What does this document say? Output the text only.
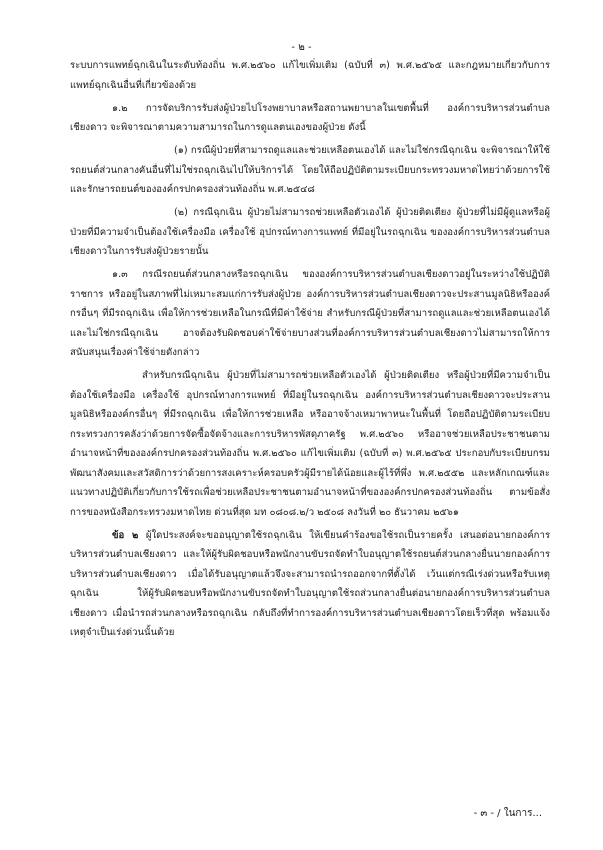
- ๒ -

ระบบการแพทย์ฉุกเฉินในระดับท้องถิ่น พ.ศ.๒๕๖๐ แก้ไขเพิ่มเติม (ฉบับที่ ๓) พ.ศ.๒๕๖๕ และกฎหมายเกี่ยวกับการแพทย์ฉุกเฉินอื่นที่เกี่ยวข้องด้วย

๑.๒ การจัดบริการรับส่งผู้ป่วยไปโรงพยาบาลหรือสถานพยาบาลในเขตพื้นที่ องค์การบริหารส่วนตำบลเชียงดาว จะพิจารณาตามความสามารถในการดูแลตนเองของผู้ป่วย ดังนี้

(๑) กรณีผู้ป่วยที่สามารถดูแลและช่วยเหลือตนเองได้ และไม่ใช่กรณีฉุกเฉิน จะพิจารณาให้ใช้รถยนต์ส่วนกลางคันอื่นที่ไม่ใช่รถฉุกเฉินไปให้บริการได้ โดยให้ถือปฏิบัติตามระเบียบกระทรวงมหาดไทยว่าด้วยการใช้และรักษารถยนต์ขององค์กรปกครองส่วนท้องถิ่น พ.ศ.๒๕๔๘

(๒) กรณีฉุกเฉิน ผู้ป่วยไม่สามารถช่วยเหลือตัวเองได้ ผู้ป่วยติดเตียง ผู้ป่วยที่ไม่มีผู้ดูแลหรือผู้ป่วยที่มีความจำเป็นต้องใช้เครื่องมือ เครื่องใช้ อุปกรณ์ทางการแพทย์ ที่มีอยู่ในรถฉุกเฉิน ขององค์การบริหารส่วนตำบลเชียงดาวในการรับส่งผู้ป่วยรายนั้น

๑.๓ กรณีรถยนต์ส่วนกลางหรือรถฉุกเฉิน ขององค์การบริหารส่วนตำบลเชียงดาวอยู่ในระหว่างใช้ปฏิบัติราชการ หรืออยู่ในสภาพที่ไม่เหมาะสมแก่การรับส่งผู้ป่วย องค์การบริหารส่วนตำบลเชียงดาวจะประสานมูลนิธิหรือองค์กรอื่นๆ ที่มีรถฉุกเฉิน เพื่อให้การช่วยเหลือในกรณีที่มีค่าใช้จ่าย สำหรับกรณีผู้ป่วยที่สามารถดูแลและช่วยเหลือตนเองได้ และไม่ใช่กรณีฉุกเฉิน อาจต้องรับผิดชอบค่าใช้จ่ายบางส่วนที่องค์การบริหารส่วนตำบลเชียงดาวไม่สามารถให้การสนับสนุนเรื่องค่าใช้จ่ายดังกล่าว

สำหรับกรณีฉุกเฉิน ผู้ป่วยที่ไม่สามารถช่วยเหลือตัวเองได้ ผู้ป่วยติดเตียง หรือผู้ป่วยที่มีความจำเป็นต้องใช้เครื่องมือ เครื่องใช้ อุปกรณ์ทางการแพทย์ ที่มีอยู่ในรถฉุกเฉิน องค์การบริหารส่วนตำบลเชียงดาวจะประสานมูลนิธิหรือองค์กรอื่นๆ ที่มีรถฉุกเฉิน เพื่อให้การช่วยเหลือ หรืออาจจ้างเหมาพาหนะในพื้นที่ โดยถือปฏิบัติตามระเบียบกระทรวงการคลังว่าด้วยการจัดซื้อจัดจ้างและการบริหารพัสดุภาครัฐ พ.ศ.๒๕๖๐ หรืออาจช่วยเหลือประชาชนตามอำนาจหน้าที่ขององค์กรปกครองส่วนท้องถิ่น พ.ศ.๒๕๖๐ แก้ไขเพิ่มเติม (ฉบับที่ ๓) พ.ศ.๒๕๖๕ ประกอบกับระเบียบกรมพัฒนาสังคมและสวัสดิการว่าด้วยการสงเคราะห์ครอบครัวผู้มีรายได้น้อยและผู้ไร้ที่พึ่ง พ.ศ.๒๕๕๒ และหลักเกณฑ์และแนวทางปฏิบัติเกี่ยวกับการใช้รถเพื่อช่วยเหลือประชาชนตามอำนาจหน้าที่ขององค์กรปกครองส่วนท้องถิ่น ตามข้อสั่งการของหนังสือกระทรวงมหาดไทย ด่วนที่สุด มท ๐๘๐๘.๒/ว ๒๕๐๘ ลงวันที่ ๒๐ ธันวาคม ๒๕๖๑

ข้อ ๒ ผู้ใดประสงค์จะขออนุญาตใช้รถฉุกเฉิน ให้เขียนคำร้องขอใช้รถเป็นรายครั้ง เสนอต่อนายกองค์การบริหารส่วนตำบลเชียงดาว และให้ผู้รับผิดชอบหรือพนักงานขับรถจัดทำใบอนุญาตใช้รถยนต์ส่วนกลางยื่นนายกองค์การบริหารส่วนตำบลเชียงดาว เมื่อได้รับอนุญาตแล้วจึงจะสามารถนำรถออกจากที่ตั้งได้ เว้นแต่กรณีเร่งด่วนหรือรับเหตุฉุกเฉิน ให้ผู้รับผิดชอบหรือพนักงานขับรถจัดทำใบอนุญาตใช้รถส่วนกลางยื่นต่อนายกองค์การบริหารส่วนตำบลเชียงดาว เมื่อนำรถส่วนกลางหรือรถฉุกเฉิน กลับถึงที่ทำการองค์การบริหารส่วนตำบลเชียงดาวโดยเร็วที่สุด พร้อมแจ้งเหตุจำเป็นเร่งด่วนนั้นด้วย

- ๓ - / ในการ...
